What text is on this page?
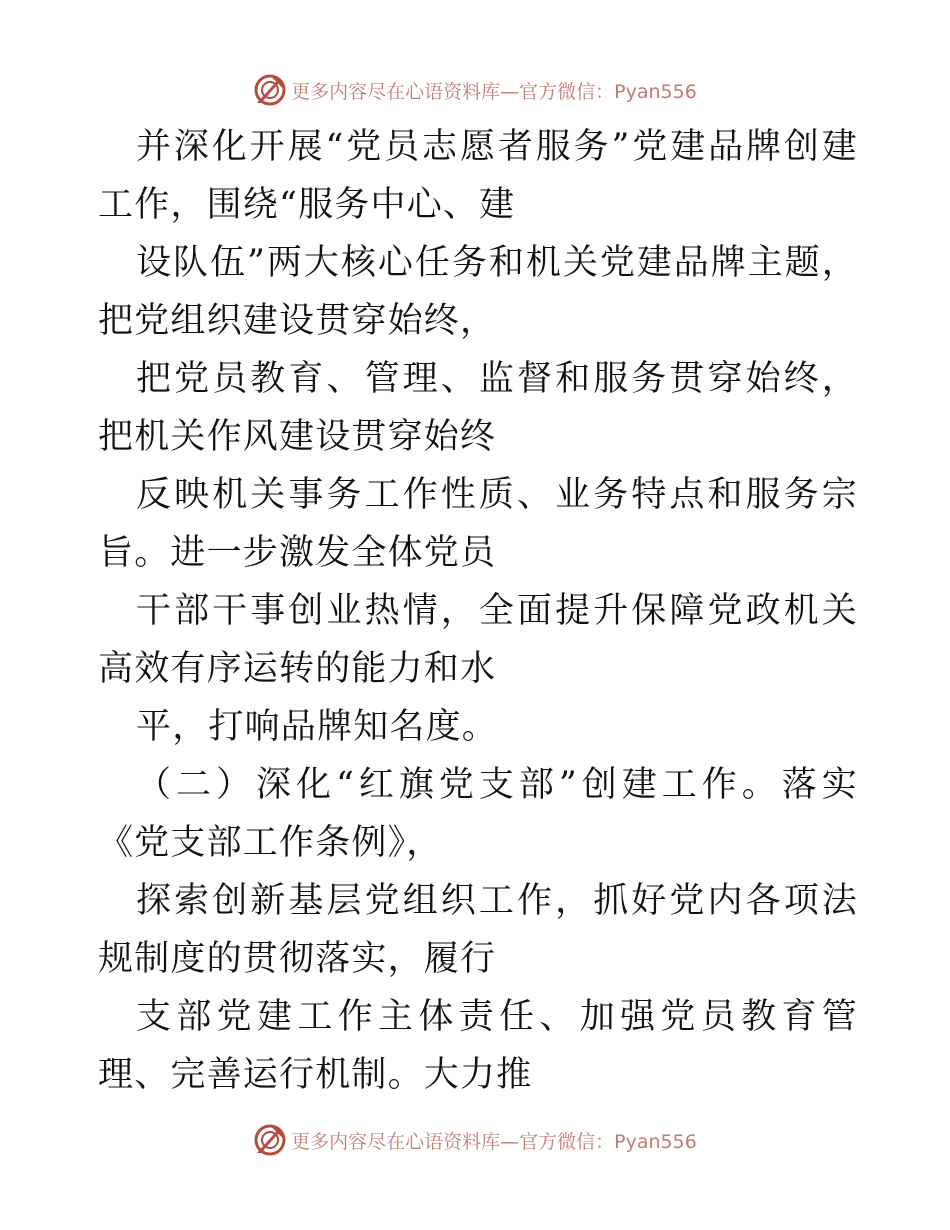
更多内容尽在心语资料库—官方微信：Pyan556

并深化开展“党员志愿者服务”党建品牌创建工作，围绕“服务中心、建

设队伍”两大核心任务和机关党建品牌主题，把党组织建设贯穿始终，

把党员教育、管理、监督和服务贯穿始终，把机关作风建设贯穿始终

反映机关事务工作性质、业务特点和服务宗旨。进一步激发全体党员

干部干事创业热情，全面提升保障党政机关高效有序运转的能力和水

平，打响品牌知名度。

（二）深化“红旗党支部”创建工作。落实《党支部工作条例》，

探索创新基层党组织工作，抓好党内各项法规制度的贯彻落实，履行

支部党建工作主体责任、加强党员教育管理、完善运行机制。大力推

更多内容尽在心语资料库—官方微信：Pyan556
